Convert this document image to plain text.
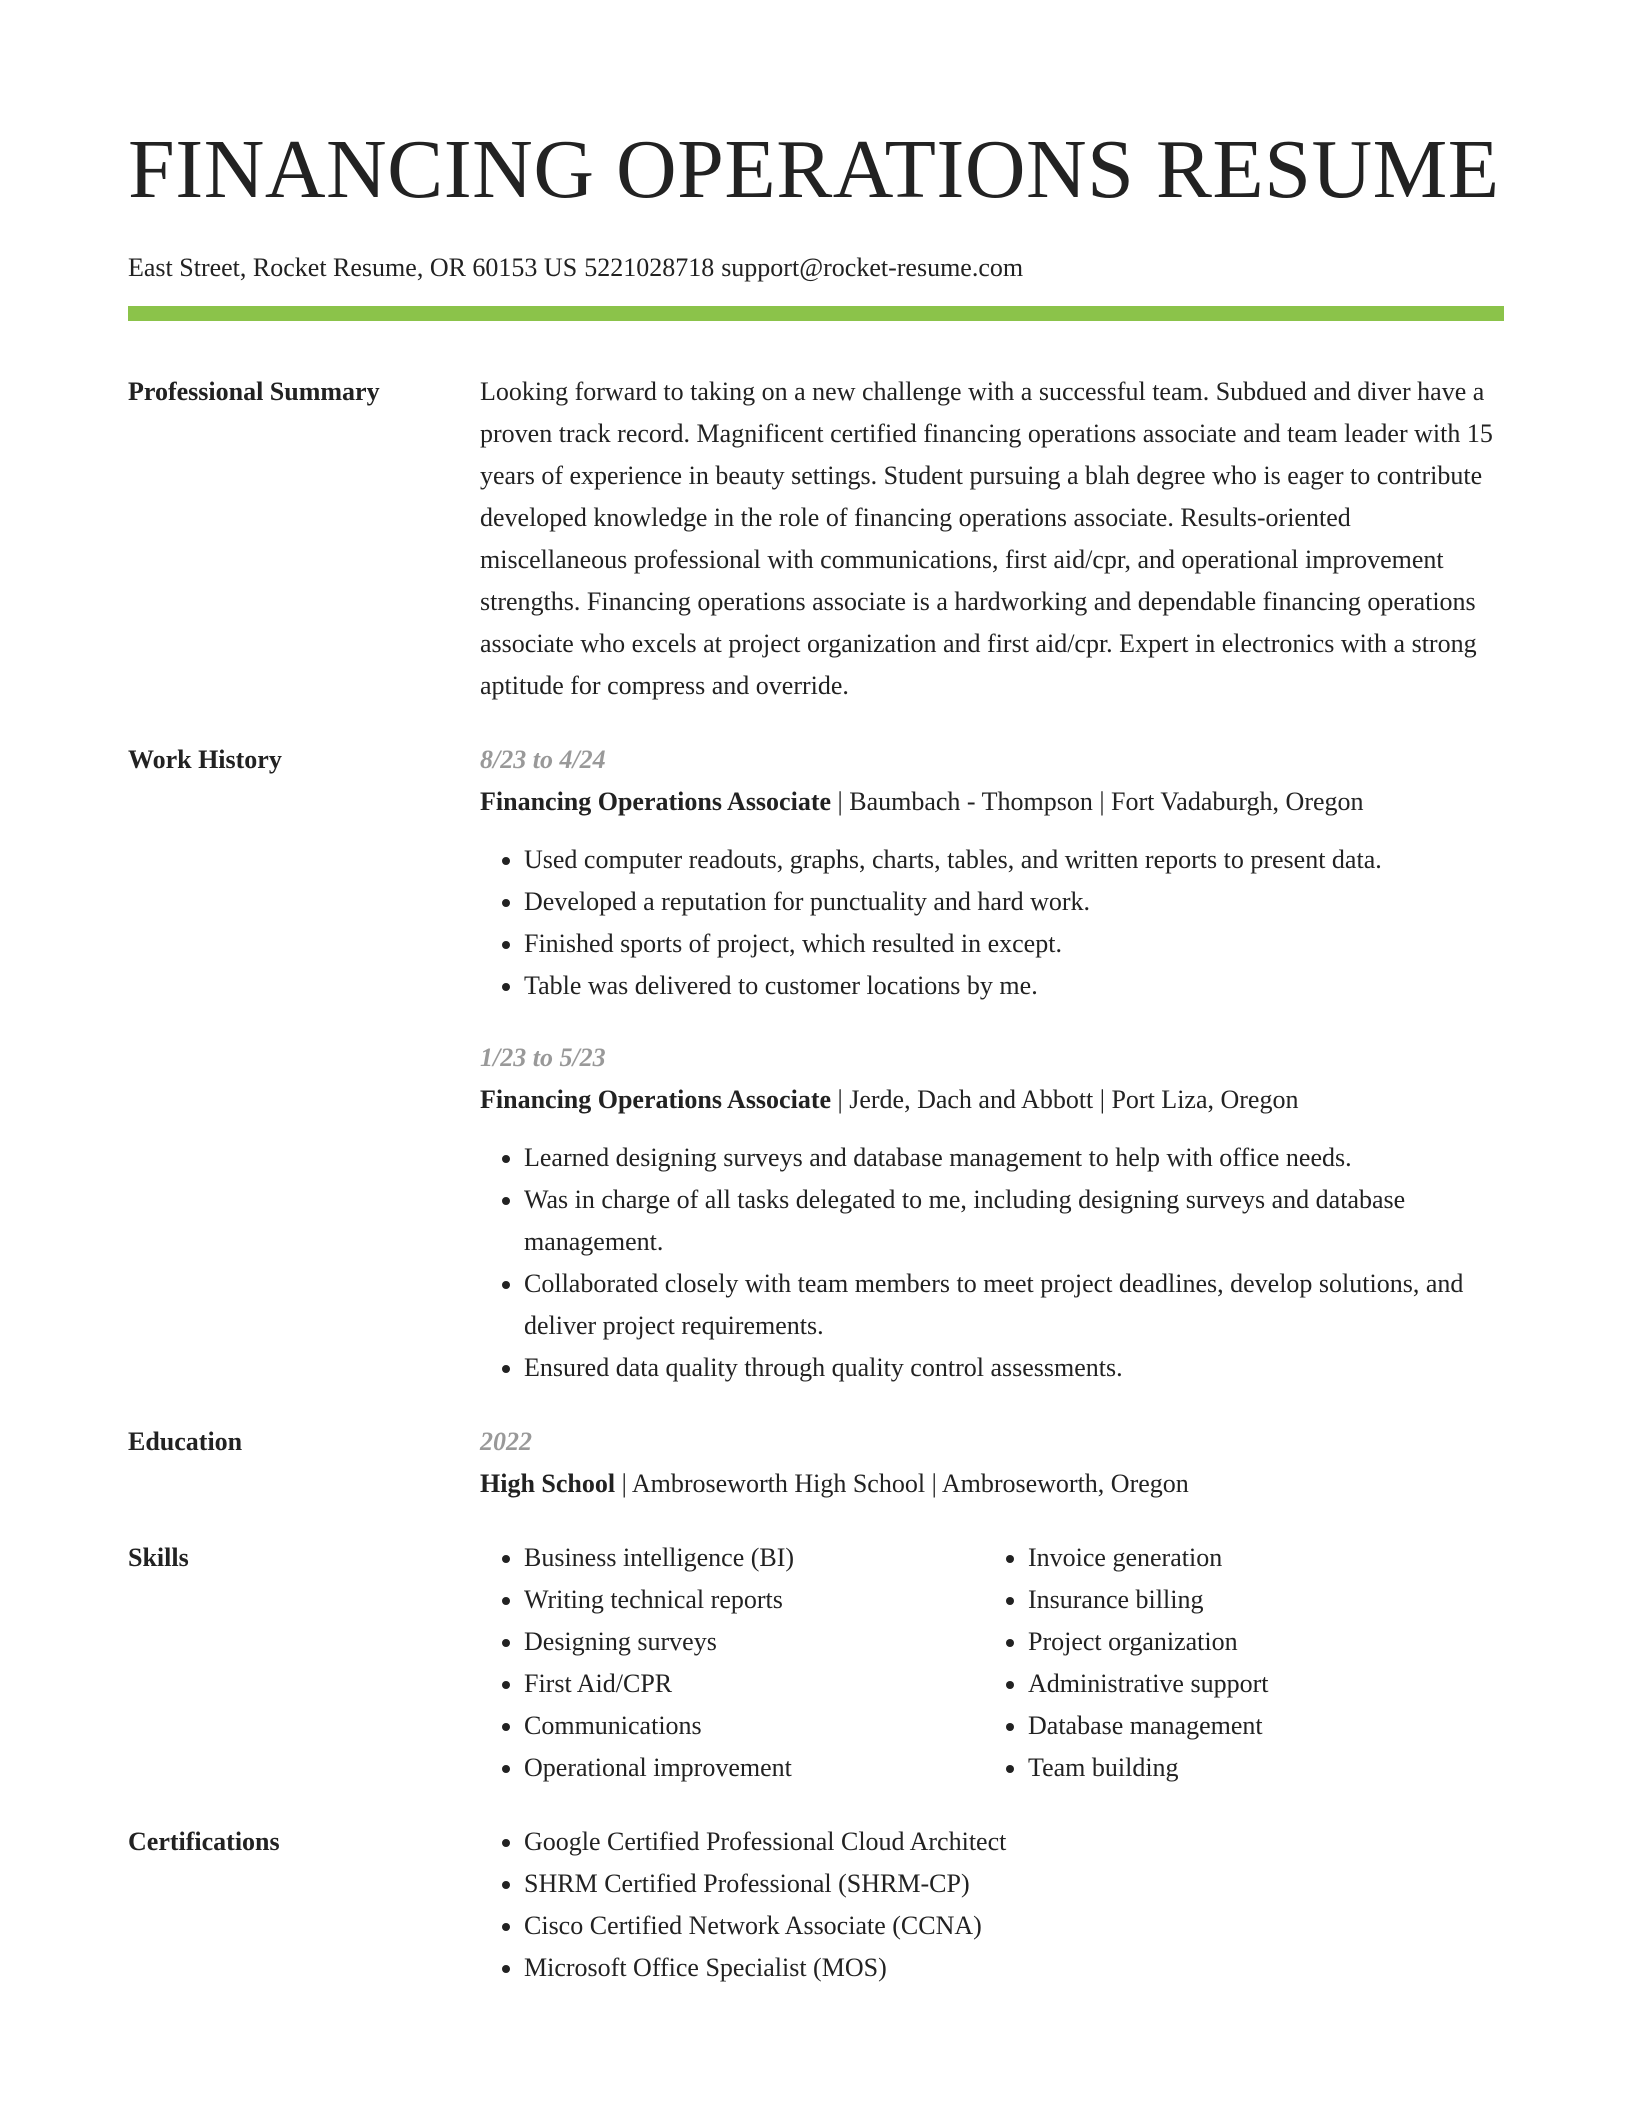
FINANCING OPERATIONS RESUME
East Street, Rocket Resume, OR 60153 US 5221028718 support@rocket-resume.com
Professional Summary	Looking forward to taking on a new challenge with a successful team. Subdued and diver have a proven track record. Magnificent certified financing operations associate and team leader with 15 years of experience in beauty settings. Student pursuing a blah degree who is eager to contribute developed knowledge in the role of financing operations associate. Results-oriented miscellaneous professional with communications, first aid/cpr, and operational improvement strengths. Financing operations associate is a hardworking and dependable financing operations associate who excels at project organization and first aid/cpr. Expert in electronics with a strong aptitude for compress and override.

Work History	8/23 to 4/24
Financing Operations Associate | Baumbach - Thompson | Fort Vadaburgh, Oregon
• Used computer readouts, graphs, charts, tables, and written reports to present data.
• Developed a reputation for punctuality and hard work.
• Finished sports of project, which resulted in except.
• Table was delivered to customer locations by me.
1/23 to 5/23
Financing Operations Associate | Jerde, Dach and Abbott | Port Liza, Oregon
• Learned designing surveys and database management to help with office needs.
• Was in charge of all tasks delegated to me, including designing surveys and database management.
• Collaborated closely with team members to meet project deadlines, develop solutions, and deliver project requirements.
• Ensured data quality through quality control assessments.
Education	2022
High School | Ambroseworth High School | Ambroseworth, Oregon
Skills	• Business intelligence (BI)
• Writing technical reports
• Designing surveys
• First Aid/CPR
• Communications
• Operational improvement
• Invoice generation
• Insurance billing
• Project organization
• Administrative support
• Database management
• Team building
Certifications	• Google Certified Professional Cloud Architect
• SHRM Certified Professional (SHRM-CP)
• Cisco Certified Network Associate (CCNA)
• Microsoft Office Specialist (MOS)
